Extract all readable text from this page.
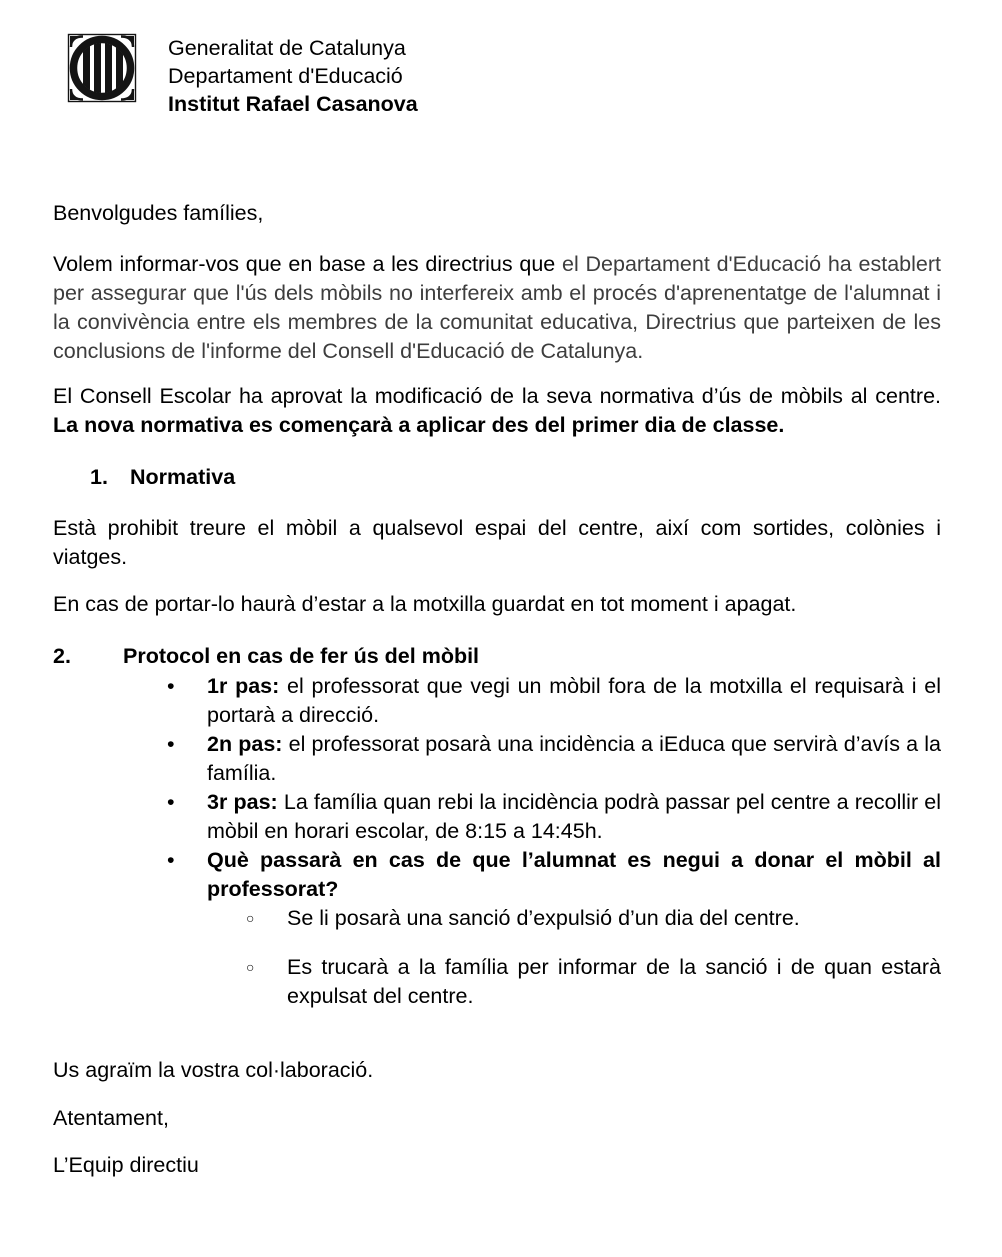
Generalitat de Catalunya
Departament d'Educació
Institut Rafael Casanova

Benvolgudes famílies,

Volem informar-vos que en base a les directrius que el Departament d'Educació ha establert per assegurar que l'ús dels mòbils no interfereix amb el procés d'aprenentatge de l'alumnat i la convivència entre els membres de la comunitat educativa, Directrius que parteixen de les conclusions de l'informe del Consell d'Educació de Catalunya.

El Consell Escolar ha aprovat la modificació de la seva normativa d’ús de mòbils al centre. La nova normativa es començarà a aplicar des del primer dia de classe.

1.	Normativa

Està prohibit treure el mòbil a qualsevol espai del centre, així com sortides, colònies i viatges.

En cas de portar-lo haurà d’estar a la motxilla guardat en tot moment i apagat.

2.	Protocol en cas de fer ús del mòbil
•	1r pas: el professorat que vegi un mòbil fora de la motxilla el requisarà i el portarà a direcció.
•	2n pas: el professorat posarà una incidència a iEduca que servirà d’avís a la família.
•	3r pas: La família quan rebi la incidència podrà passar pel centre a recollir el mòbil en horari escolar, de 8:15 a 14:45h.
•	Què passarà en cas de que l’alumnat es negui a donar el mòbil al professorat?
○	Se li posarà una sanció d’expulsió d’un dia del centre.
○	Es trucarà a la família per informar de la sanció i de quan estarà expulsat del centre.

Us agraïm la vostra col·laboració.

Atentament,

L’Equip directiu
